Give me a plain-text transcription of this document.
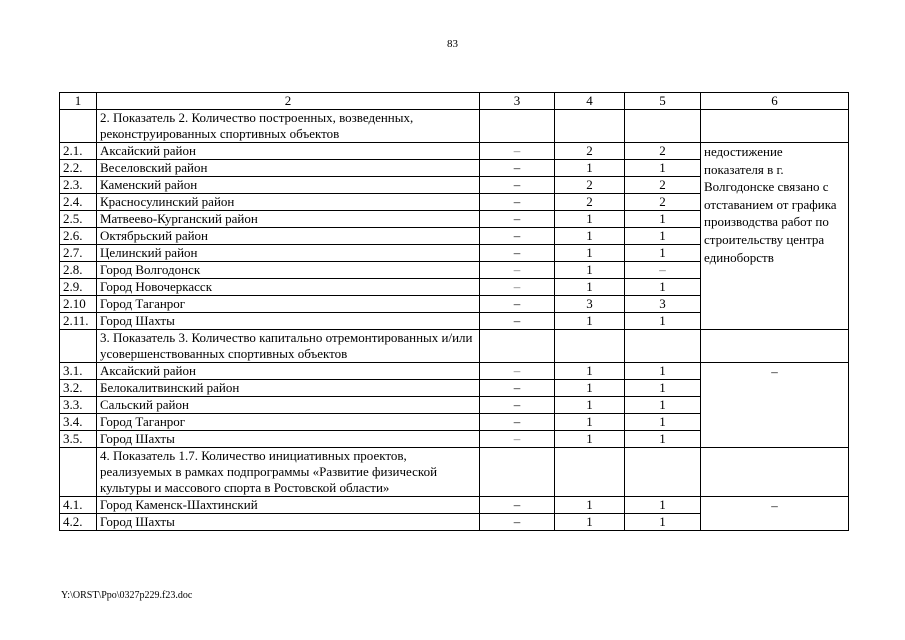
83
1	2	3	4	5	6
	2. Показатель 2. Количество построенных, возведенных, реконструированных спортивных объектов				
2.1.	Аксайский район	–	2	2	недостижение показателя в г. Волгодонске связано с отставанием от графика производства работ по строительству центра единоборств
2.2.	Веселовский район	–	1	1	
2.3.	Каменский район	–	2	2	
2.4.	Красносулинский район	–	2	2	
2.5.	Матвеево-Курганский район	–	1	1	
2.6.	Октябрьский район	–	1	1	
2.7.	Целинский район	–	1	1	
2.8.	Город Волгодонск	–	1	–	
2.9.	Город Новочеркасск	–	1	1	
2.10	Город Таганрог	–	3	3	
2.11.	Город Шахты	–	1	1	
	3. Показатель 3. Количество капитально отремонтированных и/или усовершенствованных спортивных объектов				
3.1.	Аксайский район	–	1	1	–
3.2.	Белокалитвинский район	–	1	1	
3.3.	Сальский район	–	1	1	
3.4.	Город Таганрог	–	1	1	
3.5.	Город Шахты	–	1	1	
	4. Показатель 1.7. Количество инициативных проектов, реализуемых в рамках подпрограммы «Развитие физической культуры и массового спорта в Ростовской области»				
4.1.	Город Каменск-Шахтинский	–	1	1	–
4.2.	Город Шахты	–	1	1	
Y:\ORST\Ppo\0327p229.f23.doc
